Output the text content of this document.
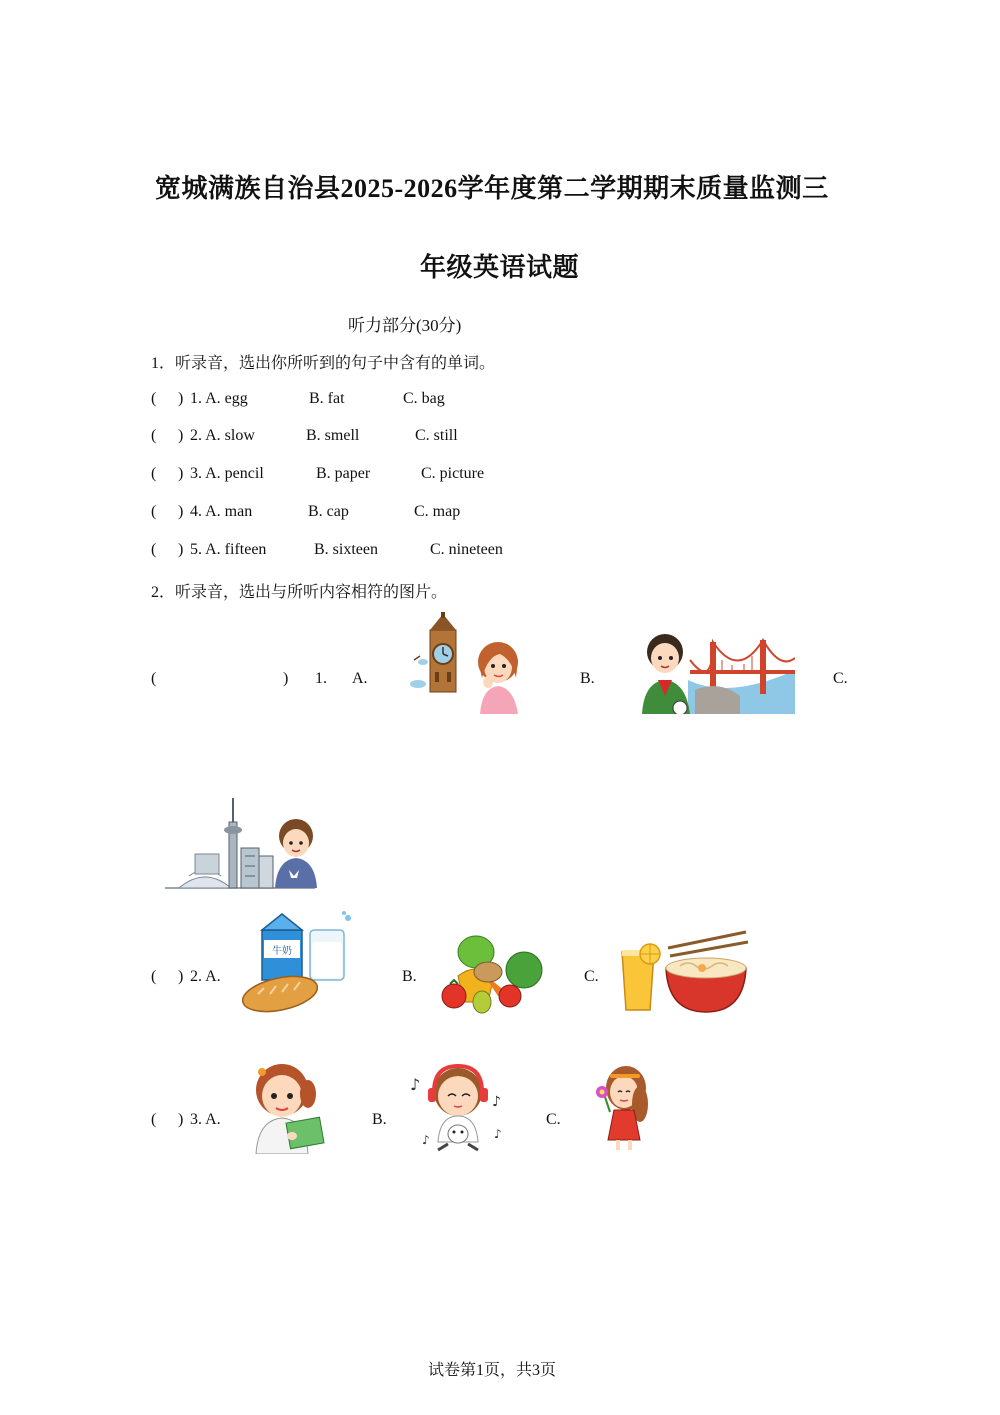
宽城满族自治县2025-2026学年度第二学期期末质量监测三
年级英语试题
听力部分(30分)
1．听录音，选出你所听到的句子中含有的单词。
( ) 1. A. egg	B. fat	C. bag
( ) 2. A. slow	B. smell	C. still
( ) 3. A. pencil	B. paper	C. picture
( ) 4. A. man	B. cap	C. map
( ) 5. A. fifteen	B. sixteen	C. nineteen
2．听录音，选出与所听内容相符的图片。
(	) 1. A.	B.	C.
( ) 2. A.	B.	C.
牛奶
( ) 3. A.	B.	C.
♪
♪
♪
♪
试卷第1页，共3页
